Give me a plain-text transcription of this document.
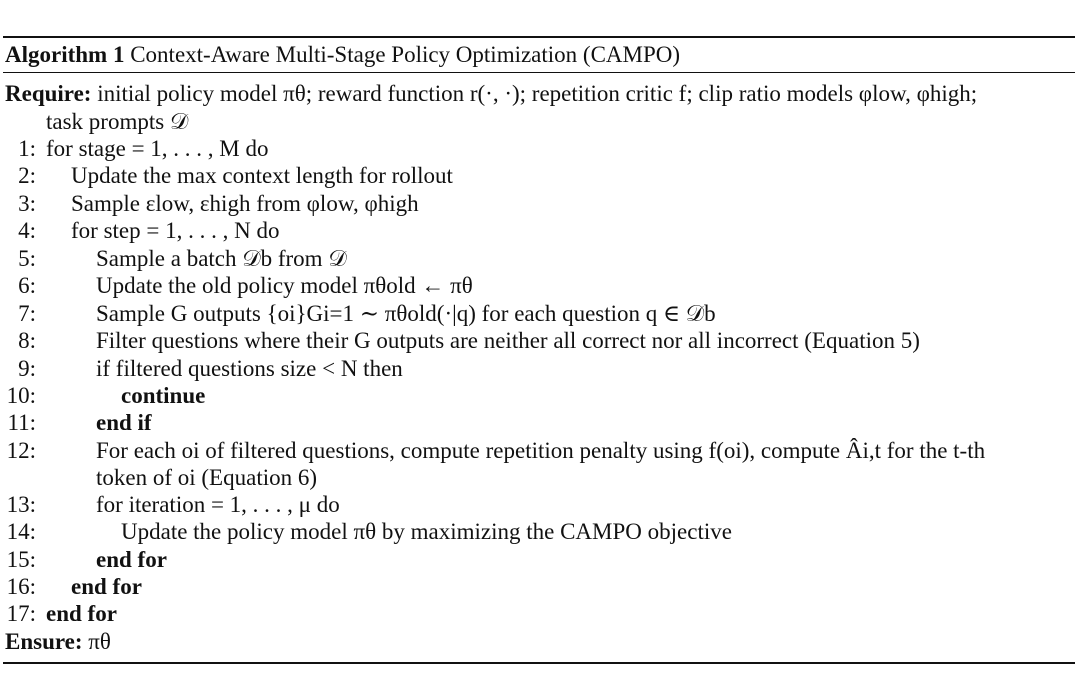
Algorithm 1 Context-Aware Multi-Stage Policy Optimization (CAMPO)
Require: initial policy model πθ; reward function r(·, ·); repetition critic f; clip ratio models φlow, φhigh;
task prompts 𝒟
1: for stage = 1, . . . , M do
2: Update the max context length for rollout
3: Sample εlow, εhigh from φlow, φhigh
4: for step = 1, . . . , N do
5:	Sample a batch 𝒟b from 𝒟
6:	Update the old policy model πθold ← πθ
7:	Sample G outputs {oi}Gi=1 ∼ πθold(·|q) for each question q ∈ 𝒟b
8:	Filter questions where their G outputs are neither all correct nor all incorrect (Equation 5)
9:	if filtered questions size < N then
10:	continue
11:	end if
12:	For each oi of filtered questions, compute repetition penalty using f(oi), compute Âi,t for the t-th
token of oi (Equation 6)
13:	for iteration = 1, . . . , μ do
14:	Update the policy model πθ by maximizing the CAMPO objective
15:	end for
16: end for
17: end for
Ensure: πθ
